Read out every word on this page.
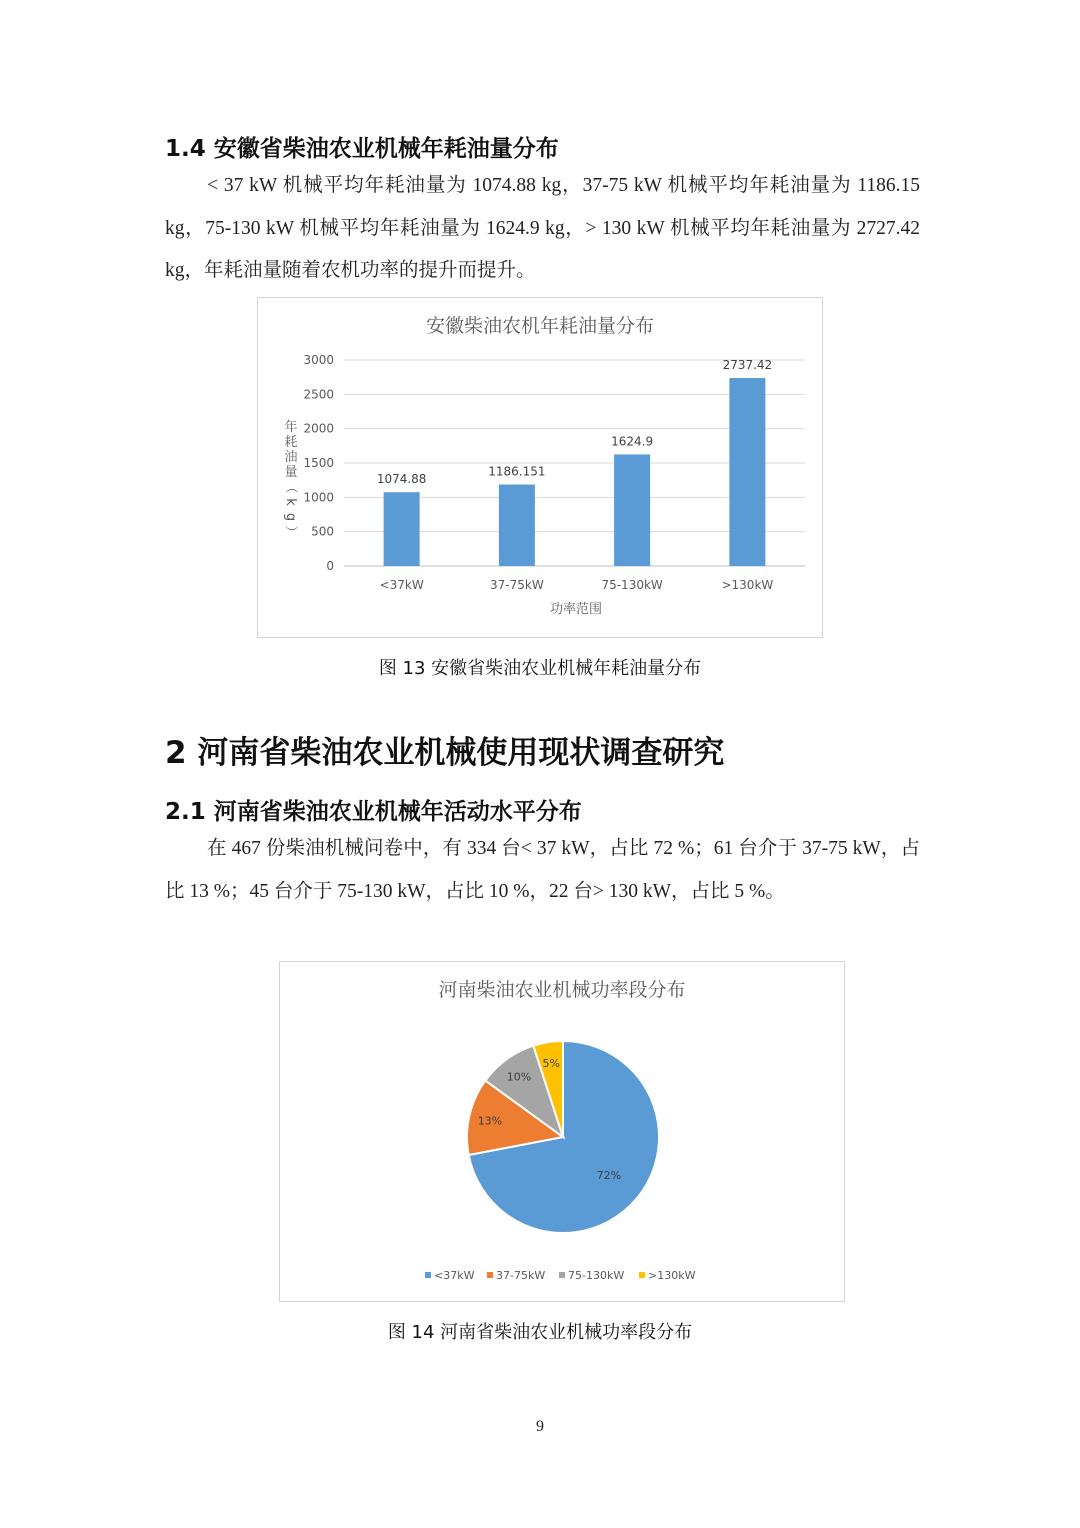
1.4 安徽省柴油农业机械年耗油量分布
< 37 kW 机械平均年耗油量为 1074.88 kg，37-75 kW 机械平均年耗油量为 1186.15 kg，75-130 kW 机械平均年耗油量为 1624.9 kg，> 130 kW 机械平均年耗油量为 2727.42 kg，年耗油量随着农机功率的提升而提升。
安徽柴油农机年耗油量分布
功率范围
年
耗
油
量
（
k
g
）
0
500
1000
1500
2000
2500
3000
1074.88
<37kW
1186.151
37-75kW
1624.9
75-130kW
2737.42
>130kW
图 13 安徽省柴油农业机械年耗油量分布
2 河南省柴油农业机械使用现状调查研究
2.1 河南省柴油农业机械年活动水平分布
在 467 份柴油机械问卷中，有 334 台< 37 kW，占比 72 %；61 台介于 37-75 kW，占比 13 %；45 台介于 75-130 kW，占比 10 %，22 台> 130 kW，占比 5 %。
河南柴油农业机械功率段分布
72%
13%
10%
5%
<37kW 37-75kW 75-130kW >130kW
图 14 河南省柴油农业机械功率段分布
9
